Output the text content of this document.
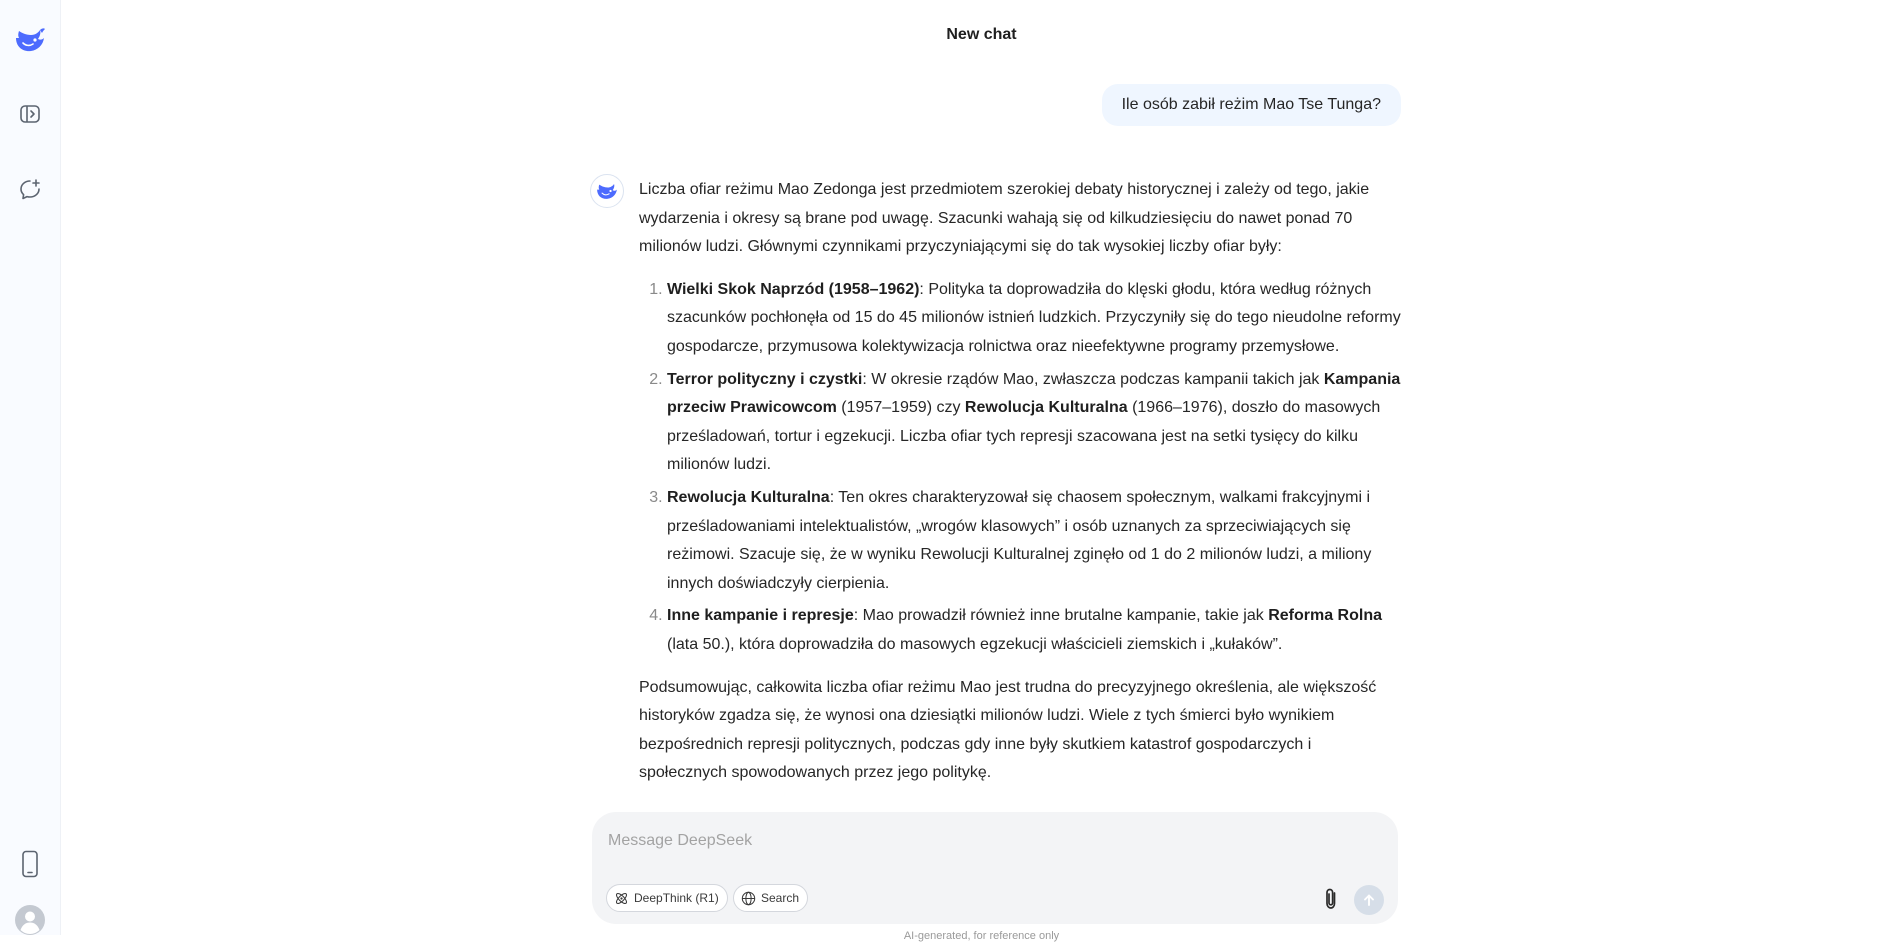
New chat
Ile osób zabił reżim Mao Tse Tunga?

Liczba ofiar reżimu Mao Zedonga jest przedmiotem szerokiej debaty historycznej i zależy od tego, jakie wydarzenia i okresy są brane pod uwagę. Szacunki wahają się od kilkudziesięciu do nawet ponad 70 milionów ludzi. Głównymi czynnikami przyczyniającymi się do tak wysokiej liczby ofiar były:

1. Wielki Skok Naprzód (1958–1962): Polityka ta doprowadziła do klęski głodu, która według różnych szacunków pochłonęła od 15 do 45 milionów istnień ludzkich. Przyczyniły się do tego nieudolne reformy gospodarcze, przymusowa kolektywizacja rolnictwa oraz nieefektywne programy przemysłowe.
2. Terror polityczny i czystki: W okresie rządów Mao, zwłaszcza podczas kampanii takich jak Kampania przeciw Prawicowcom (1957–1959) czy Rewolucja Kulturalna (1966–1976), doszło do masowych prześladowań, tortur i egzekucji. Liczba ofiar tych represji szacowana jest na setki tysięcy do kilku milionów ludzi.
3. Rewolucja Kulturalna: Ten okres charakteryzował się chaosem społecznym, walkami frakcyjnymi i prześladowaniami intelektualistów, „wrogów klasowych” i osób uznanych za sprzeciwiających się reżimowi. Szacuje się, że w wyniku Rewolucji Kulturalnej zginęło od 1 do 2 milionów ludzi, a miliony innych doświadczyły cierpienia.
4. Inne kampanie i represje: Mao prowadził również inne brutalne kampanie, takie jak Reforma Rolna (lata 50.), która doprowadziła do masowych egzekucji właścicieli ziemskich i „kułaków”.

Podsumowując, całkowita liczba ofiar reżimu Mao jest trudna do precyzyjnego określenia, ale większość historyków zgadza się, że wynosi ona dziesiątki milionów ludzi. Wiele z tych śmierci było wynikiem bezpośrednich represji politycznych, podczas gdy inne były skutkiem katastrof gospodarczych i społecznych spowodowanych przez jego politykę.

Message DeepSeek
DeepThink (R1)	Search
AI-generated, for reference only
